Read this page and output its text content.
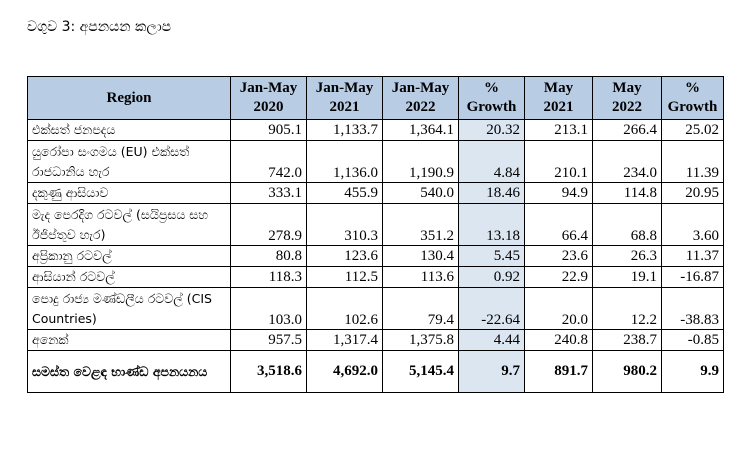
වගුව 3: අපනයන කලාප
Region	Jan-May 2020	Jan-May 2021	Jan-May 2022	% Growth	May 2021	May 2022	% Growth
එක්සත් ජනපදය	905.1	1,133.7	1,364.1	20.32	213.1	266.4	25.02
යුරෝපා සංගමය (EU) එක්සත් රාජධානිය හැර	742.0	1,136.0	1,190.9	4.84	210.1	234.0	11.39
දකුණු ආසියාව	333.1	455.9	540.0	18.46	94.9	114.8	20.95
මැද පෙරදිග රටවල් (සයිප්‍රසය සහ ඊජිප්තුව හැර)	278.9	310.3	351.2	13.18	66.4	68.8	3.60
අප්‍රිකානු රටවල්	80.8	123.6	130.4	5.45	23.6	26.3	11.37
ආසියාන් රටවල්	118.3	112.5	113.6	0.92	22.9	19.1	-16.87
පොදු රාජ්‍ය මණ්ඩලීය රටවල් (CIS Countries)	103.0	102.6	79.4	-22.64	20.0	12.2	-38.83
අනෙක්	957.5	1,317.4	1,375.8	4.44	240.8	238.7	-0.85
සමස්ත වෙළඳ භාණ්ඩ අපනයනය	3,518.6	4,692.0	5,145.4	9.7	891.7	980.2	9.9
